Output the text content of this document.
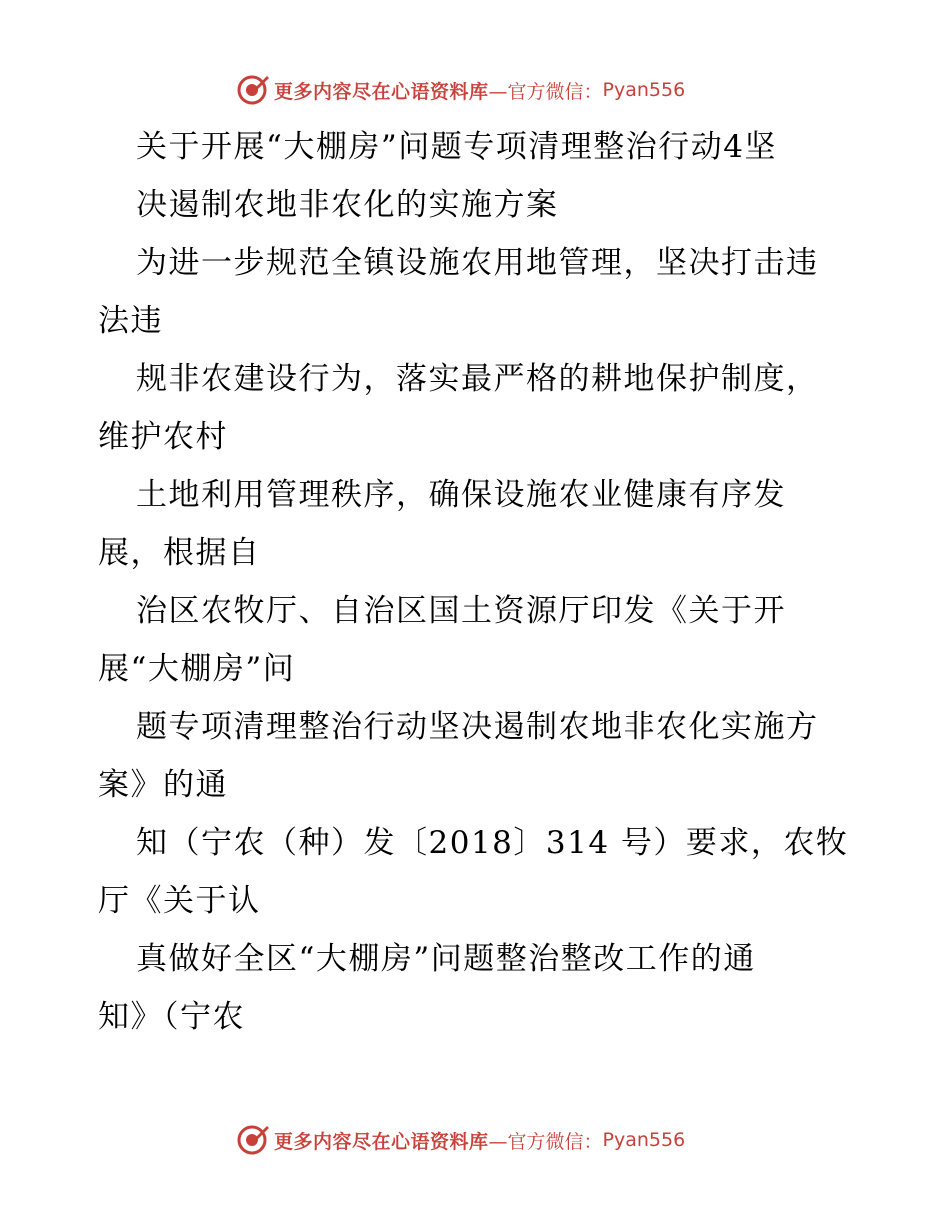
更多内容尽在心语资料库 —官方微信： Pyan556
关于开展“大棚房”问题专项清理整治行动4坚
决遏制农地非农化的实施方案
为进一步规范全镇设施农用地管理，坚决打击违
法违
规非农建设行为，落实最严格的耕地保护制度，
维护农村
土地利用管理秩序，确保设施农业健康有序发
展，根据自
治区农牧厅、自治区国土资源厅印发《关于开
展“大棚房”问
题专项清理整治行动坚决遏制农地非农化实施方
案》的通
知（宁农（种）发〔2018〕314 号）要求，农牧
厅《关于认
真做好全区“大棚房”问题整治整改工作的通
知》（宁农
更多内容尽在心语资料库 —官方微信： Pyan556
